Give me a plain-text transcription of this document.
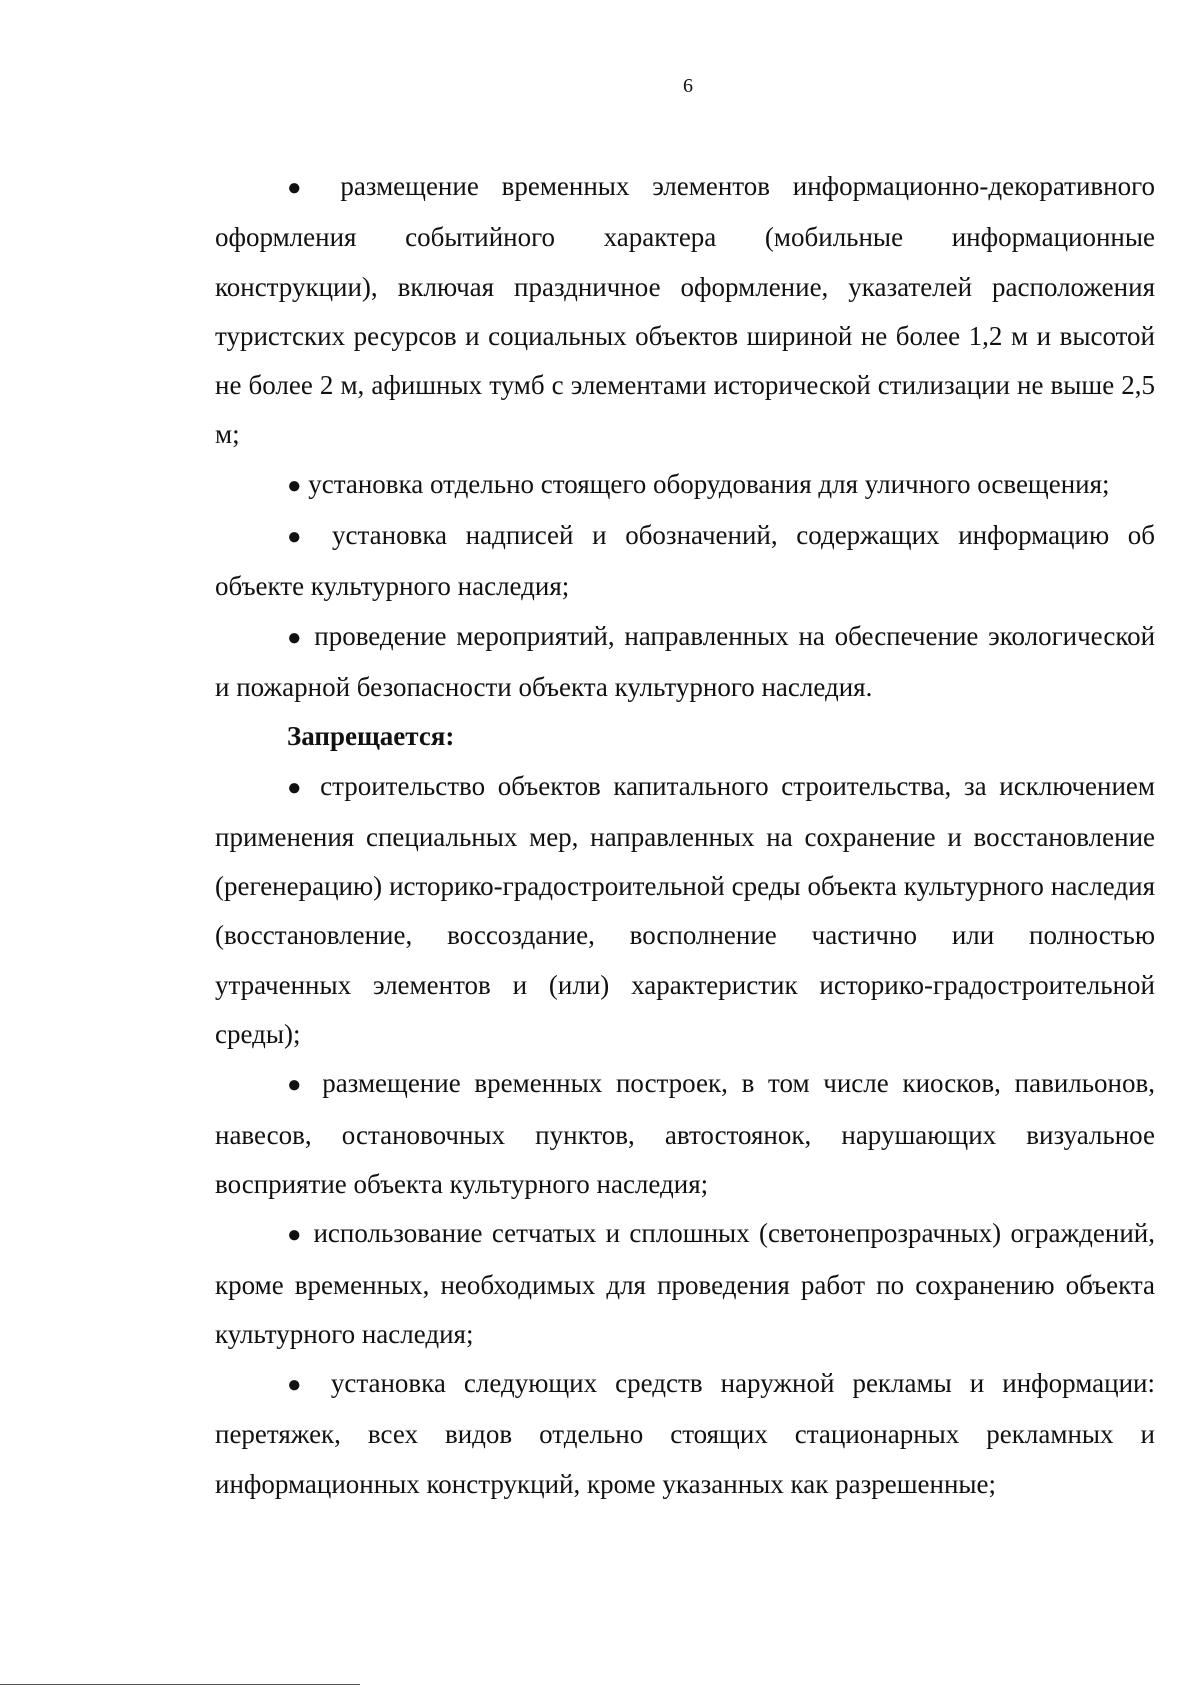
6

● размещение временных элементов информационно-декоративного оформления событийного характера (мобильные информационные конструкции), включая праздничное оформление, указателей расположения туристских ресурсов и социальных объектов шириной не более 1,2 м и высотой не более 2 м, афишных тумб с элементами исторической стилизации не выше 2,5 м;

● установка отдельно стоящего оборудования для уличного освещения;

● установка надписей и обозначений, содержащих информацию об объекте культурного наследия;

● проведение мероприятий, направленных на обеспечение экологической и пожарной безопасности объекта культурного наследия.

Запрещается:

● строительство объектов капитального строительства, за исключением применения специальных мер, направленных на сохранение и восстановление (регенерацию) историко-градостроительной среды объекта культурного наследия (восстановление, воссоздание, восполнение частично или полностью утраченных элементов и (или) характеристик историко-градостроительной среды);

● размещение временных построек, в том числе киосков, павильонов, навесов, остановочных пунктов, автостоянок, нарушающих визуальное восприятие объекта культурного наследия;

● использование сетчатых и сплошных (светонепрозрачных) ограждений, кроме временных, необходимых для проведения работ по сохранению объекта культурного наследия;

● установка следующих средств наружной рекламы и информации: перетяжек, всех видов отдельно стоящих стационарных рекламных и информационных конструкций, кроме указанных как разрешенные;
